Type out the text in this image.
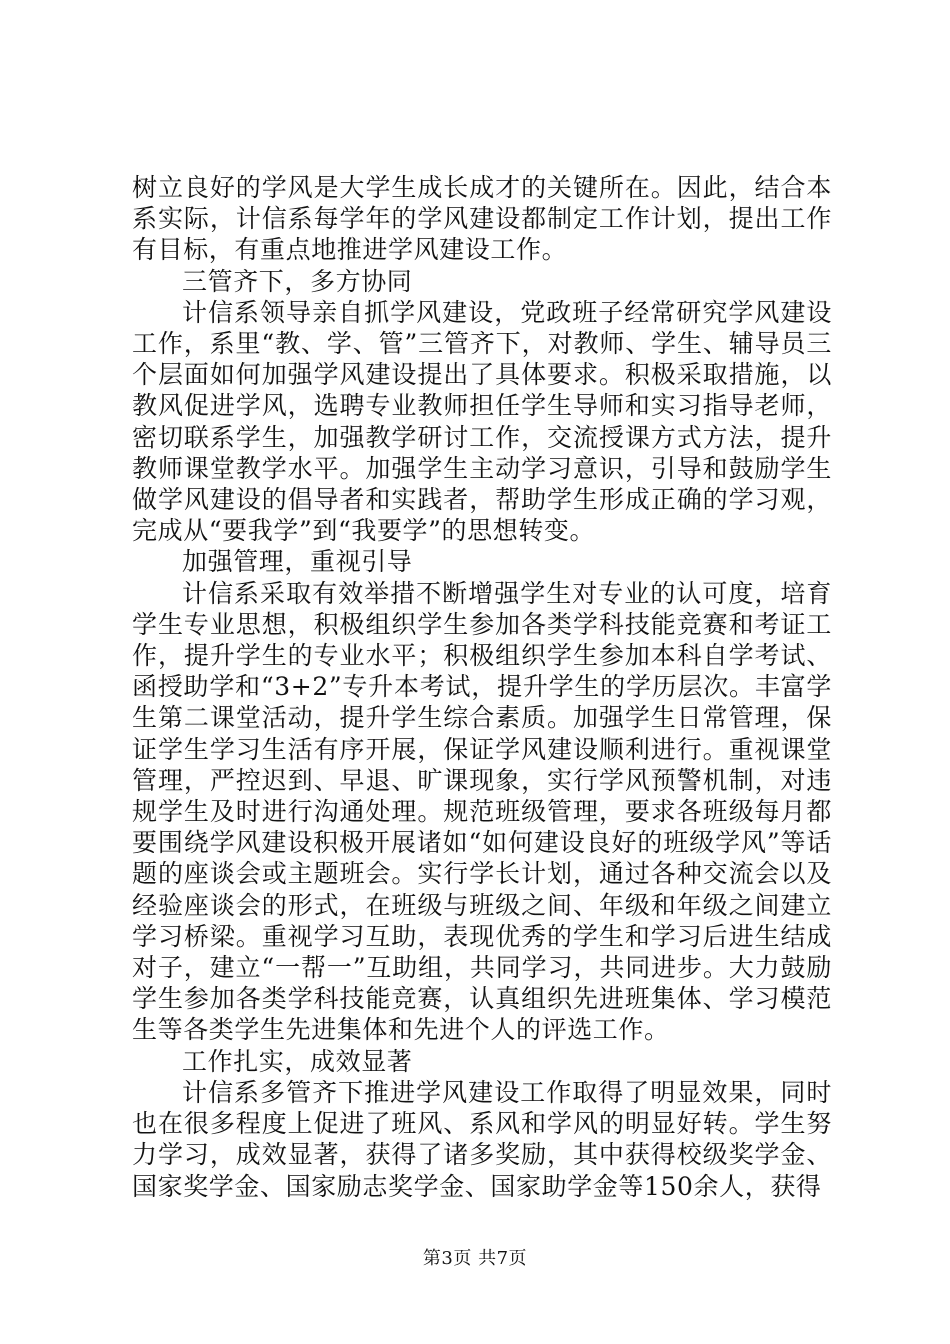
树立良好的学风是大学生成长成才的关键所在。因此，结合本系实际，计信系每学年的学风建设都制定工作计划，提出工作有目标，有重点地推进学风建设工作。

三管齐下，多方协同

计信系领导亲自抓学风建设，党政班子经常研究学风建设工作，系里“教、学、管”三管齐下，对教师、学生、辅导员三个层面如何加强学风建设提出了具体要求。积极采取措施，以教风促进学风，选聘专业教师担任学生导师和实习指导老师，密切联系学生，加强教学研讨工作，交流授课方式方法，提升教师课堂教学水平。加强学生主动学习意识，引导和鼓励学生做学风建设的倡导者和实践者，帮助学生形成正确的学习观，完成从“要我学”到“我要学”的思想转变。

加强管理，重视引导

计信系采取有效举措不断增强学生对专业的认可度，培育学生专业思想，积极组织学生参加各类学科技能竞赛和考证工作，提升学生的专业水平；积极组织学生参加本科自学考试、函授助学和“3+2”专升本考试，提升学生的学历层次。丰富学生第二课堂活动，提升学生综合素质。加强学生日常管理，保证学生学习生活有序开展，保证学风建设顺利进行。重视课堂管理，严控迟到、早退、旷课现象，实行学风预警机制，对违规学生及时进行沟通处理。规范班级管理，要求各班级每月都要围绕学风建设积极开展诸如“如何建设良好的班级学风”等话题的座谈会或主题班会。实行学长计划，通过各种交流会以及经验座谈会的形式，在班级与班级之间、年级和年级之间建立学习桥梁。重视学习互助，表现优秀的学生和学习后进生结成对子，建立“一帮一”互助组，共同学习，共同进步。大力鼓励学生参加各类学科技能竞赛，认真组织先进班集体、学习模范生等各类学生先进集体和先进个人的评选工作。

工作扎实，成效显著

计信系多管齐下推进学风建设工作取得了明显效果，同时也在很多程度上促进了班风、系风和学风的明显好转。学生努力学习，成效显著，获得了诸多奖励，其中获得校级奖学金、国家奖学金、国家励志奖学金、国家助学金等150余人，获得

第3页 共7页
